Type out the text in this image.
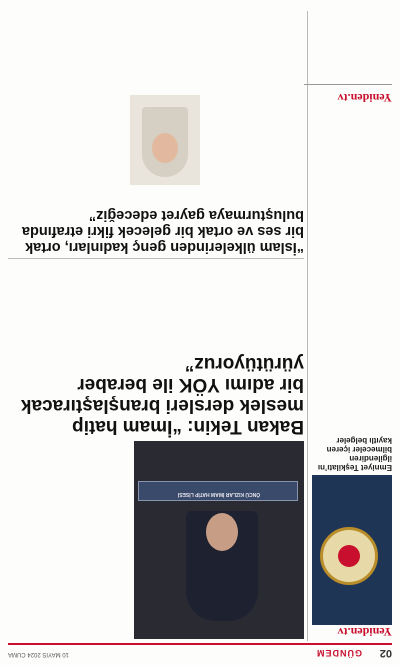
02
GÜNDEM
10 MAYIS 2024 CUMA
Yeniden.tv
Emniyet Teşkilatı’nı ilgilendiren bilmeceler içeren kayıtlı belgeler

ÖNCÜ KIZLAR İMAM HATİP LİSESİ

Bakan Tekin: “İmam hatip meslek dersleri branşlaştıracak bir adımı YÖK ile beraber yürütüyoruz”

“İslam ülkelerinden genç kadınları, ortak bir ses ve ortak bir gelecek fikri etrafında buluşturmaya gayret edeceğiz”

Yeniden.tv
